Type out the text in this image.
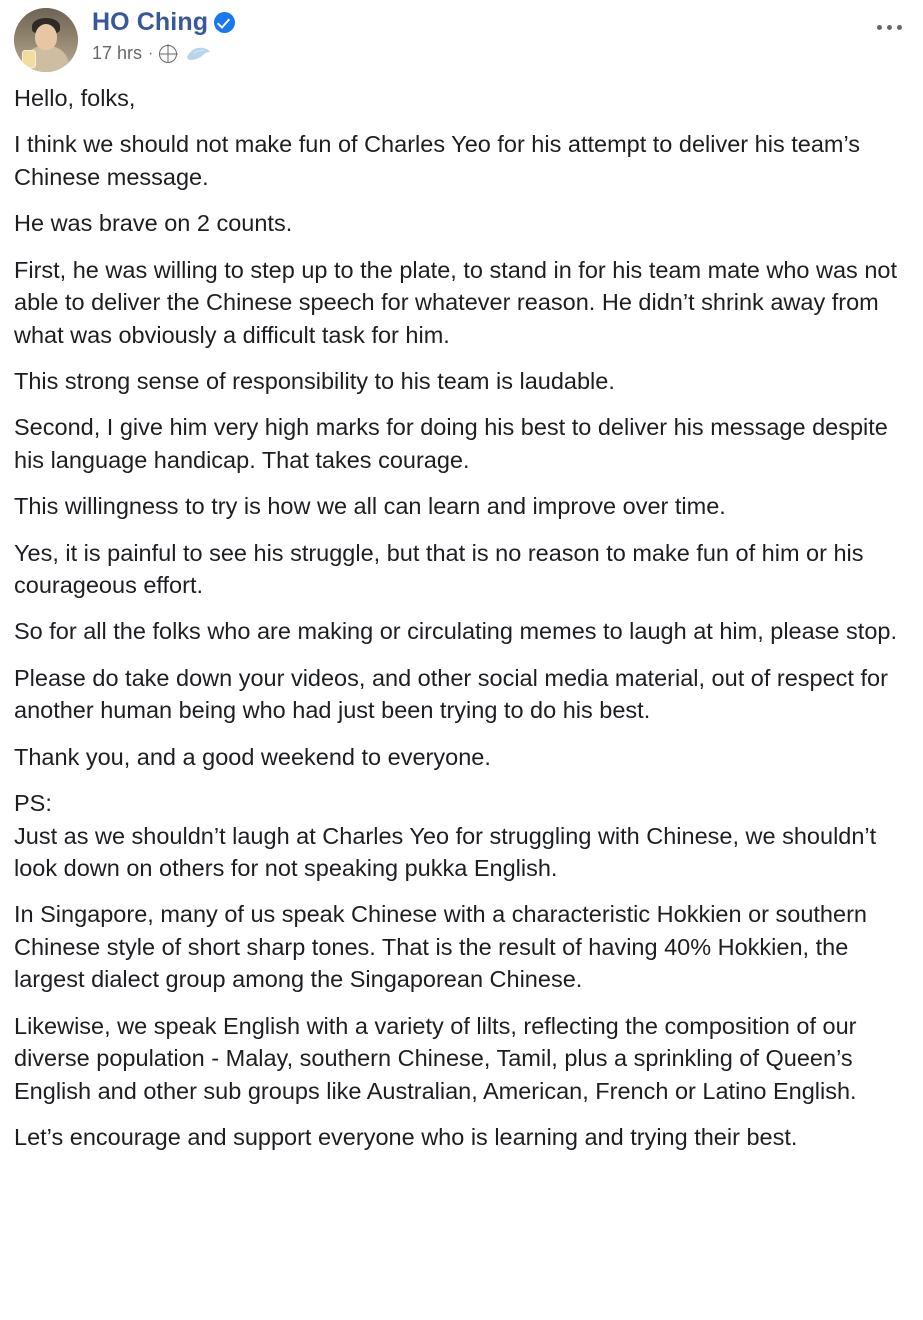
HO Ching
17 hrs ·

Hello, folks,

I think we should not make fun of Charles Yeo for his attempt to deliver his team’s Chinese message.

He was brave on 2 counts.

First, he was willing to step up to the plate, to stand in for his team mate who was not able to deliver the Chinese speech for whatever reason. He didn’t shrink away from what was obviously a difficult task for him.

This strong sense of responsibility to his team is laudable.

Second, I give him very high marks for doing his best to deliver his message despite his language handicap. That takes courage.

This willingness to try is how we all can learn and improve over time.

Yes, it is painful to see his struggle, but that is no reason to make fun of him or his courageous effort.

So for all the folks who are making or circulating memes to laugh at him, please stop.

Please do take down your videos, and other social media material, out of respect for another human being who had just been trying to do his best.

Thank you, and a good weekend to everyone.

PS:

Just as we shouldn’t laugh at Charles Yeo for struggling with Chinese, we shouldn’t look down on others for not speaking pukka English.

In Singapore, many of us speak Chinese with a characteristic Hokkien or southern Chinese style of short sharp tones. That is the result of having 40% Hokkien, the largest dialect group among the Singaporean Chinese.

Likewise, we speak English with a variety of lilts, reflecting the composition of our diverse population - Malay, southern Chinese, Tamil, plus a sprinkling of Queen’s English and other sub groups like Australian, American, French or Latino English.

Let’s encourage and support everyone who is learning and trying their best.
